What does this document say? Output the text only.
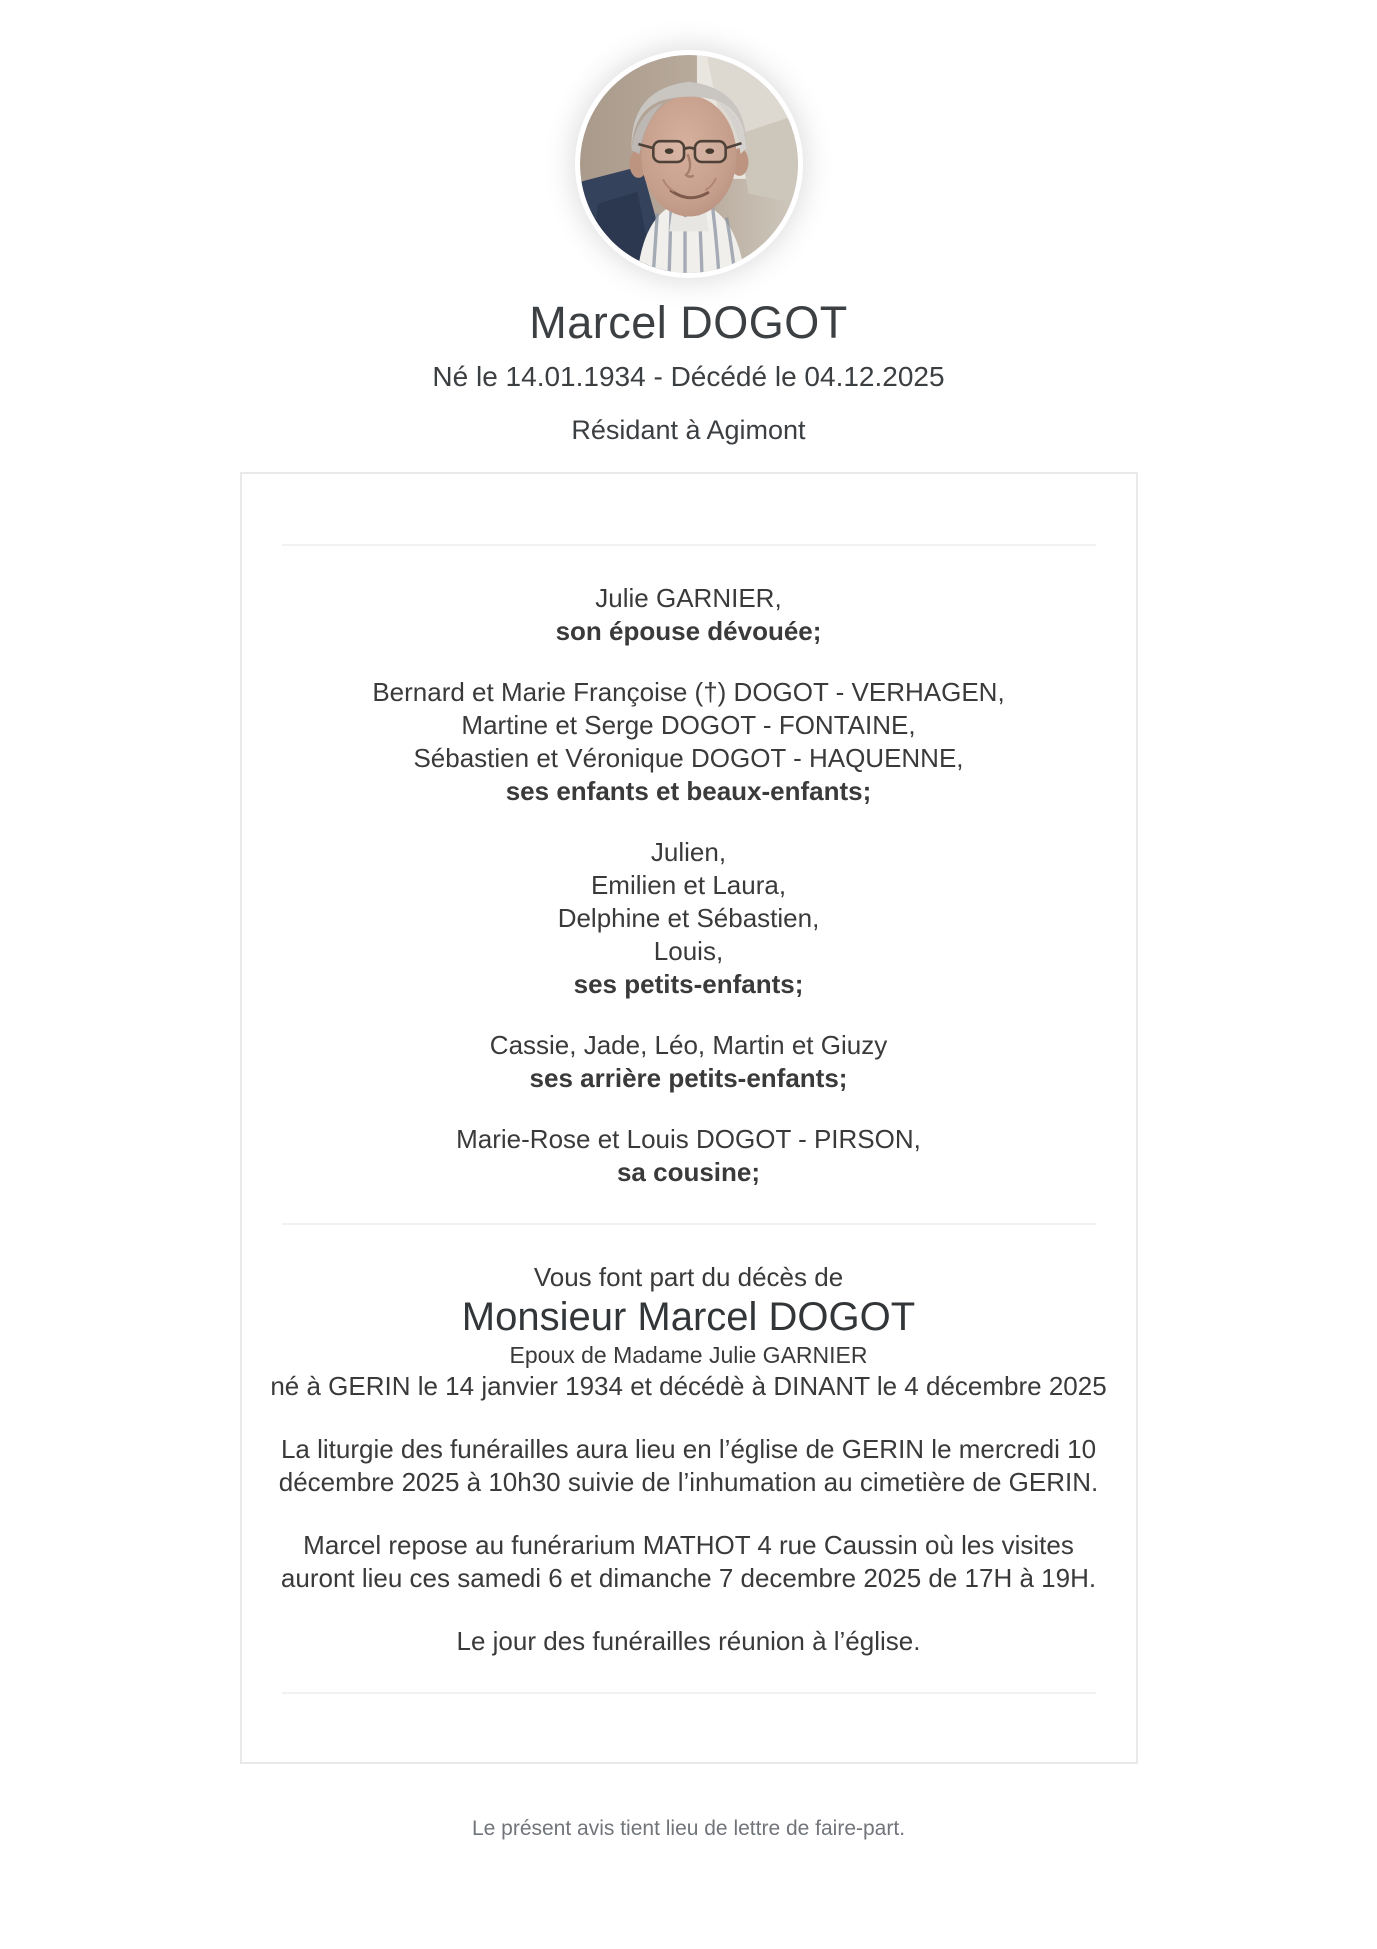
Marcel DOGOT
Né le 14.01.1934 - Décédé le 04.12.2025
Résidant à Agimont
Julie GARNIER,
son épouse dévouée;
Bernard et Marie Françoise (†) DOGOT - VERHAGEN,
Martine et Serge DOGOT - FONTAINE,
Sébastien et Véronique DOGOT - HAQUENNE,
ses enfants et beaux-enfants;
Julien,
Emilien et Laura,
Delphine et Sébastien,
Louis,
ses petits-enfants;
Cassie, Jade, Léo, Martin et Giuzy
ses arrière petits-enfants;
Marie-Rose et Louis DOGOT - PIRSON,
sa cousine;
Vous font part du décès de
Monsieur Marcel DOGOT
Epoux de Madame Julie GARNIER
né à GERIN le 14 janvier 1934 et décédè à DINANT le 4 décembre 2025

La liturgie des funérailles aura lieu en l’église de GERIN le mercredi 10 décembre 2025 à 10h30 suivie de l’inhumation au cimetière de GERIN.

Marcel repose au funérarium MATHOT 4 rue Caussin où les visites auront lieu ces samedi 6 et dimanche 7 decembre 2025 de 17H à 19H.

Le jour des funérailles réunion à l’église.

Le présent avis tient lieu de lettre de faire-part.
